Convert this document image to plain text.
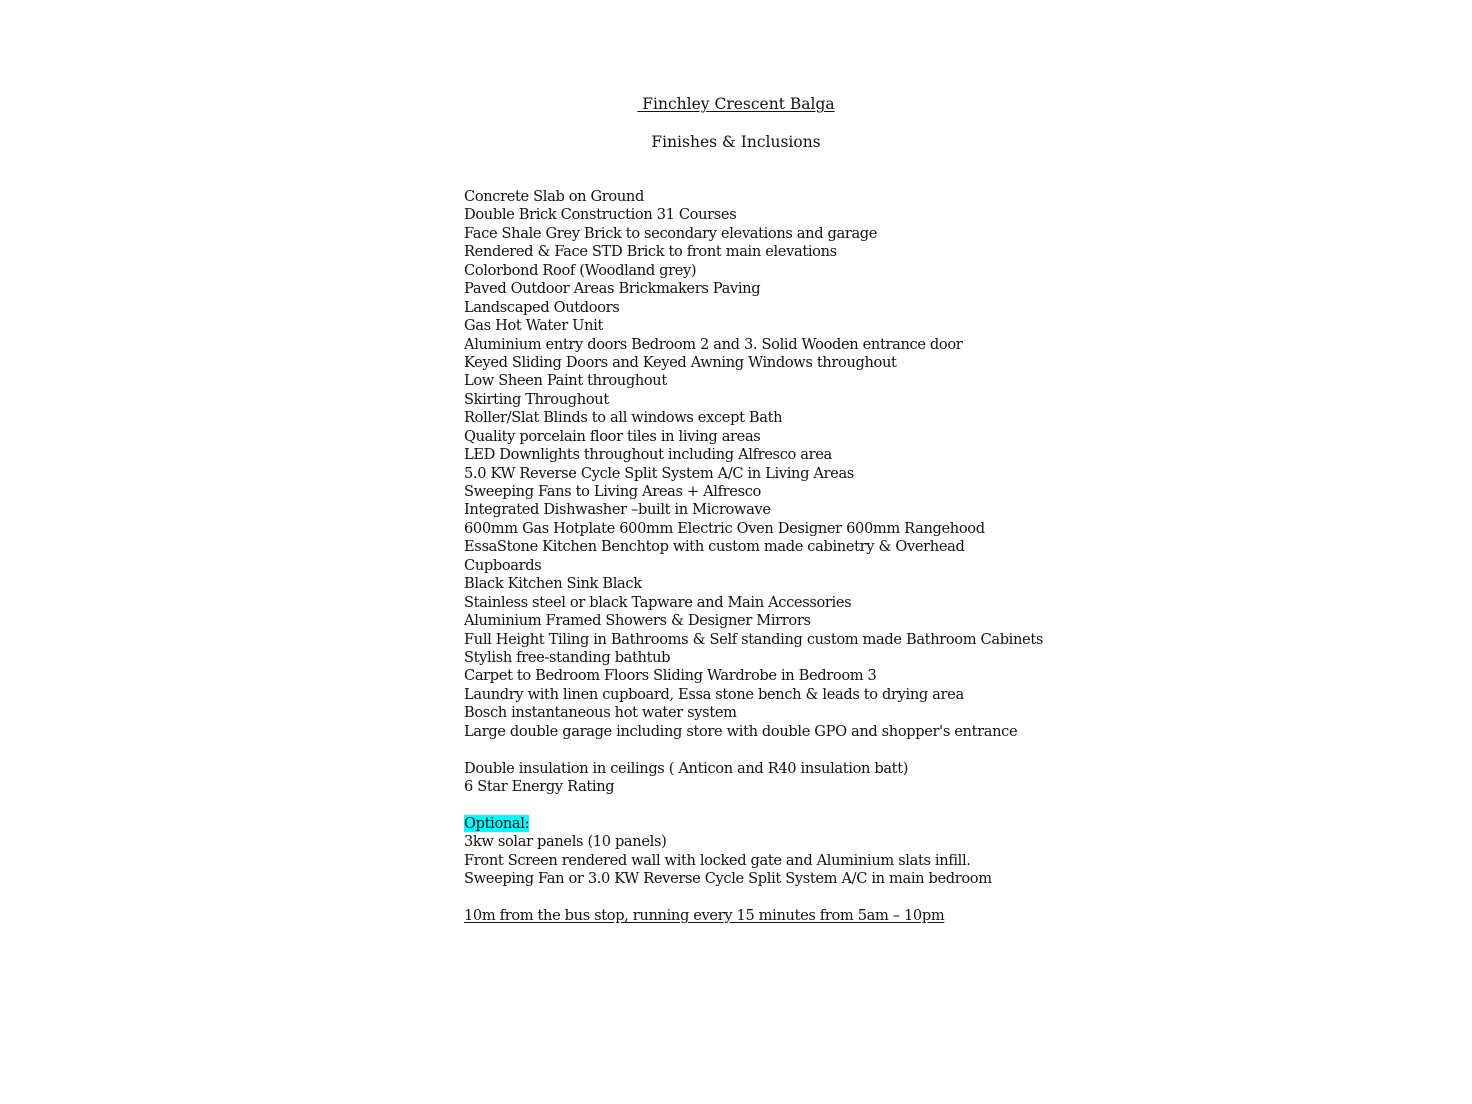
Finchley Crescent Balga
Finishes & Inclusions
Concrete Slab on Ground
Double Brick Construction 31 Courses
Face Shale Grey Brick to secondary elevations and garage
Rendered & Face STD Brick to front main elevations
Colorbond Roof (Woodland grey)
Paved Outdoor Areas Brickmakers Paving
Landscaped Outdoors
Gas Hot Water Unit
Aluminium entry doors Bedroom 2 and 3. Solid Wooden entrance door
Keyed Sliding Doors and Keyed Awning Windows throughout
Low Sheen Paint throughout
Skirting Throughout
Roller/Slat Blinds to all windows except Bath
Quality porcelain floor tiles in living areas
LED Downlights throughout including Alfresco area
5.0 KW Reverse Cycle Split System A/C in Living Areas
Sweeping Fans to Living Areas + Alfresco
Integrated Dishwasher –built in Microwave
600mm Gas Hotplate 600mm Electric Oven Designer 600mm Rangehood
EssaStone Kitchen Benchtop with custom made cabinetry & Overhead
Cupboards
Black Kitchen Sink Black
Stainless steel or black Tapware and Main Accessories
Aluminium Framed Showers & Designer Mirrors
Full Height Tiling in Bathrooms & Self standing custom made Bathroom Cabinets
Stylish free-standing bathtub
Carpet to Bedroom Floors Sliding Wardrobe in Bedroom 3
Laundry with linen cupboard, Essa stone bench & leads to drying area
Bosch instantaneous hot water system
Large double garage including store with double GPO and shopper's entrance
Double insulation in ceilings ( Anticon and R40 insulation batt)
6 Star Energy Rating
Optional:
3kw solar panels (10 panels)
Front Screen rendered wall with locked gate and Aluminium slats infill.
Sweeping Fan or 3.0 KW Reverse Cycle Split System A/C in main bedroom
10m from the bus stop, running every 15 minutes from 5am – 10pm
